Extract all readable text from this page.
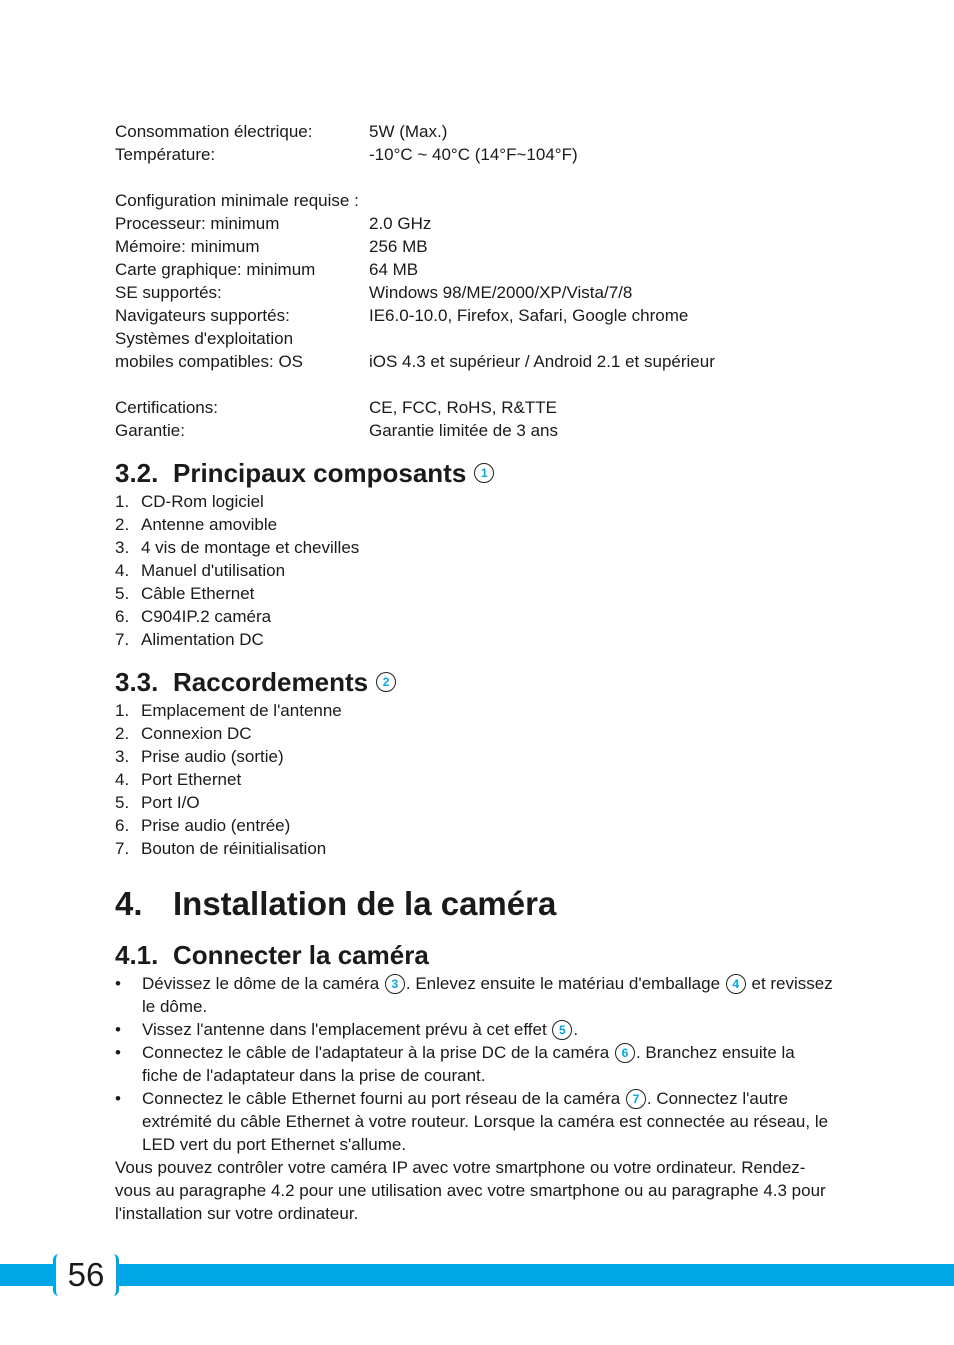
Consommation électrique:	5W (Max.)
Température:	-10°C ~ 40°C (14°F~104°F)
Configuration minimale requise :
Processeur: minimum	2.0 GHz
Mémoire: minimum	256 MB
Carte graphique: minimum	64 MB
SE supportés:	Windows 98/ME/2000/XP/Vista/7/8
Navigateurs supportés:	IE6.0-10.0, Firefox, Safari, Google chrome
Systèmes d'exploitation
mobiles compatibles: OS	iOS 4.3 et supérieur / Android 2.1 et supérieur
Certifications:	CE, FCC, RoHS, R&TTE
Garantie:	Garantie limitée de 3 ans
3.2. Principaux composants	1
1. CD-Rom logiciel
2. Antenne amovible
3. 4 vis de montage et chevilles
4. Manuel d'utilisation
5. Câble Ethernet
6. C904IP.2 caméra
7. Alimentation DC
3.3. Raccordements	2
1. Emplacement de l'antenne
2. Connexion DC
3. Prise audio (sortie)
4. Port Ethernet
5. Port I/O
6. Prise audio (entrée)
7. Bouton de réinitialisation
4. Installation de la caméra
4.1. Connecter la caméra
•	Dévissez le dôme de la caméra 3 . Enlevez ensuite le matériau d'emballage 4 et revissez le dôme.
•	Vissez l'antenne dans l'emplacement prévu à cet effet 5 .
•	Connectez le câble de l'adaptateur à la prise DC de la caméra 6 . Branchez ensuite la fiche de l'adaptateur dans la prise de courant.
•	Connectez le câble Ethernet fourni au port réseau de la caméra 7 . Connectez l'autre extrémité du câble Ethernet à votre routeur. Lorsque la caméra est connectée au réseau, le LED vert du port Ethernet s'allume.

Vous pouvez contrôler votre caméra IP avec votre smartphone ou votre ordinateur. Rendez-vous au paragraphe 4.2 pour une utilisation avec votre smartphone ou au paragraphe 4.3 pour l'installation sur votre ordinateur.

56
